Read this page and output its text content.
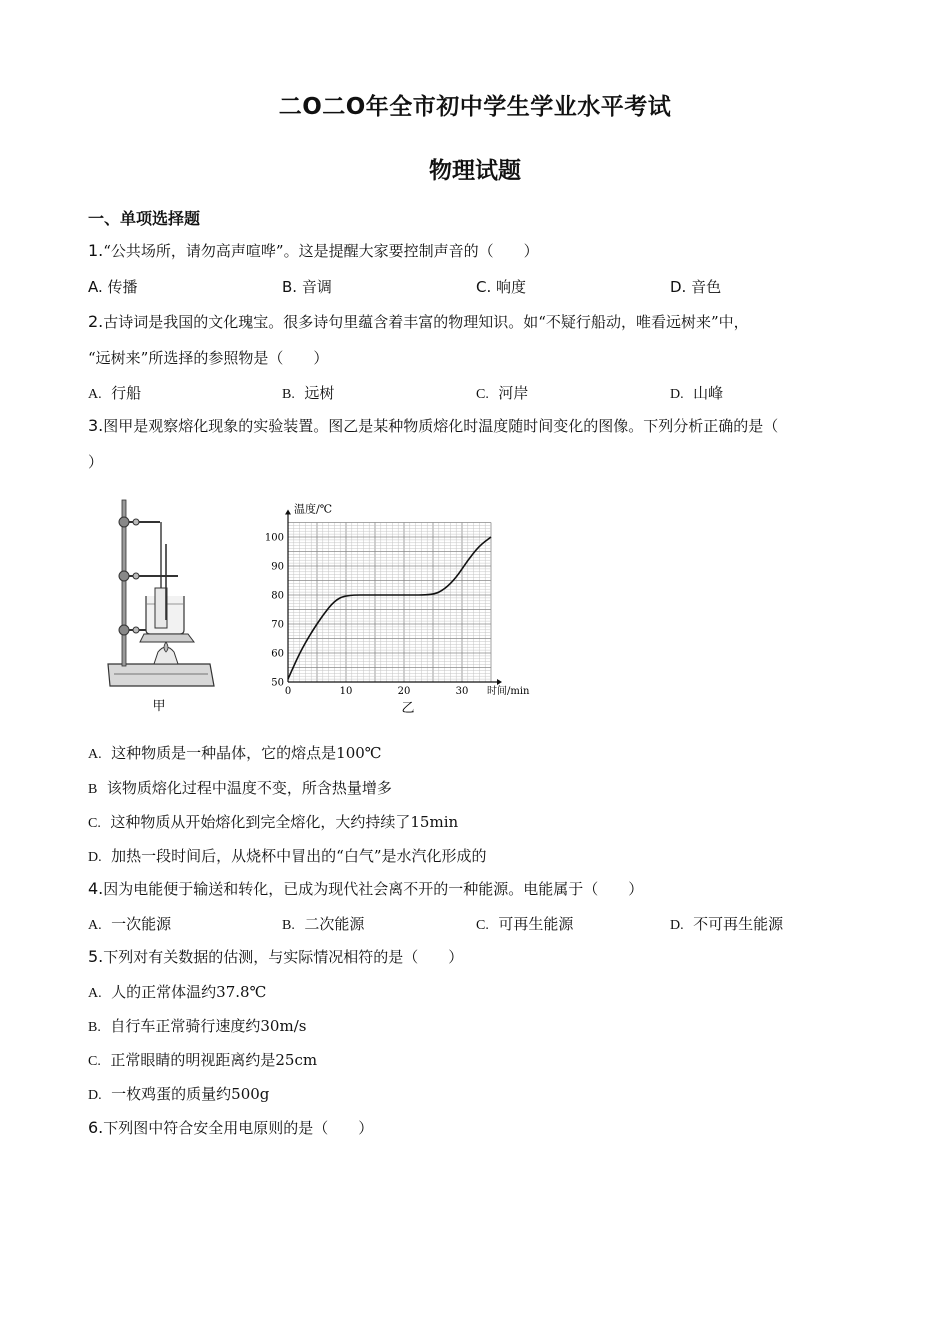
二O二O年全市初中学生学业水平考试
物理试题
一、单项选择题
1.“公共场所，请勿高声喧哗”。这是提醒大家要控制声音的（　　）
A. 传播	B. 音调	C. 响度	D. 音色
2.古诗词是我国的文化瑰宝。很多诗句里蕴含着丰富的物理知识。如“不疑行船动，唯看远树来”中，
“远树来”所选择的参照物是（　　）
A. 行船	B. 远树	C. 河岸	D. 山峰
3.图甲是观察熔化现象的实验装置。图乙是某种物质熔化时温度随时间变化的图像。下列分析正确的是（
）
0	10	20	30
50
60
70
80
90
100
温度/℃
时间/min
甲	乙
A. 这种物质是一种晶体，它的熔点是100℃
B 该物质熔化过程中温度不变，所含热量增多
C. 这种物质从开始熔化到完全熔化，大约持续了15min
D. 加热一段时间后，从烧杯中冒出的“白气”是水汽化形成的
4.因为电能便于输送和转化，已成为现代社会离不开的一种能源。电能属于（　　）
A. 一次能源	B. 二次能源	C. 可再生能源	D. 不可再生能源
5.下列对有关数据的估测，与实际情况相符的是（　　）
A. 人的正常体温约37.8℃
B. 自行车正常骑行速度约30m/s
C. 正常眼睛的明视距离约是25cm
D. 一枚鸡蛋的质量约500g
6.下列图中符合安全用电原则的是（　　）
